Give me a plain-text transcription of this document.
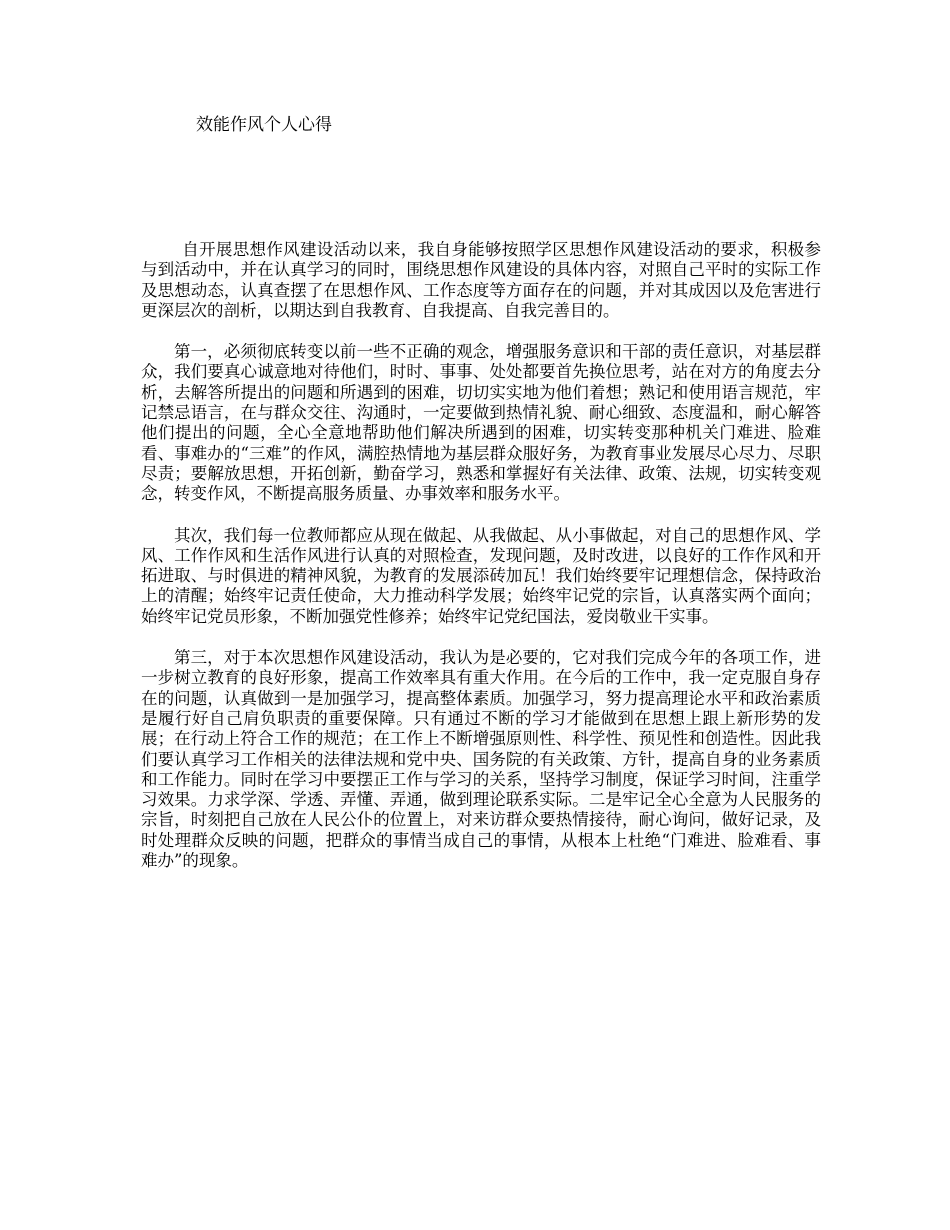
效能作风个人心得

自开展思想作风建设活动以来，我自身能够按照学区思想作风建设活动的要求，积极参与到活动中，并在认真学习的同时，围绕思想作风建设的具体内容，对照自己平时的实际工作及思想动态，认真查摆了在思想作风、工作态度等方面存在的问题，并对其成因以及危害进行更深层次的剖析，以期达到自我教育、自我提高、自我完善目的。

第一，必须彻底转变以前一些不正确的观念，增强服务意识和干部的责任意识，对基层群众，我们要真心诚意地对待他们，时时、事事、处处都要首先换位思考，站在对方的角度去分析，去解答所提出的问题和所遇到的困难，切切实实地为他们着想；熟记和使用语言规范，牢记禁忌语言，在与群众交往、沟通时，一定要做到热情礼貌、耐心细致、态度温和，耐心解答他们提出的问题，全心全意地帮助他们解决所遇到的困难，切实转变那种机关门难进、脸难看、事难办的“三难”的作风，满腔热情地为基层群众服好务，为教育事业发展尽心尽力、尽职尽责；要解放思想，开拓创新，勤奋学习，熟悉和掌握好有关法律、政策、法规，切实转变观念，转变作风，不断提高服务质量、办事效率和服务水平。

其次，我们每一位教师都应从现在做起、从我做起、从小事做起，对自己的思想作风、学风、工作作风和生活作风进行认真的对照检查，发现问题，及时改进，以良好的工作作风和开拓进取、与时俱进的精神风貌，为教育的发展添砖加瓦！我们始终要牢记理想信念，保持政治上的清醒；始终牢记责任使命，大力推动科学发展；始终牢记党的宗旨，认真落实两个面向；始终牢记党员形象，不断加强党性修养；始终牢记党纪国法，爱岗敬业干实事。

第三，对于本次思想作风建设活动，我认为是必要的，它对我们完成今年的各项工作，进一步树立教育的良好形象，提高工作效率具有重大作用。在今后的工作中，我一定克服自身存在的问题，认真做到一是加强学习，提高整体素质。加强学习，努力提高理论水平和政治素质是履行好自己肩负职责的重要保障。只有通过不断的学习才能做到在思想上跟上新形势的发展；在行动上符合工作的规范；在工作上不断增强原则性、科学性、预见性和创造性。因此我们要认真学习工作相关的法律法规和党中央、国务院的有关政策、方针，提高自身的业务素质和工作能力。同时在学习中要摆正工作与学习的关系，坚持学习制度，保证学习时间，注重学习效果。力求学深、学透、弄懂、弄通，做到理论联系实际。二是牢记全心全意为人民服务的宗旨，时刻把自己放在人民公仆的位置上，对来访群众要热情接待，耐心询问，做好记录，及时处理群众反映的问题，把群众的事情当成自己的事情，从根本上杜绝“门难进、脸难看、事难办”的现象。
